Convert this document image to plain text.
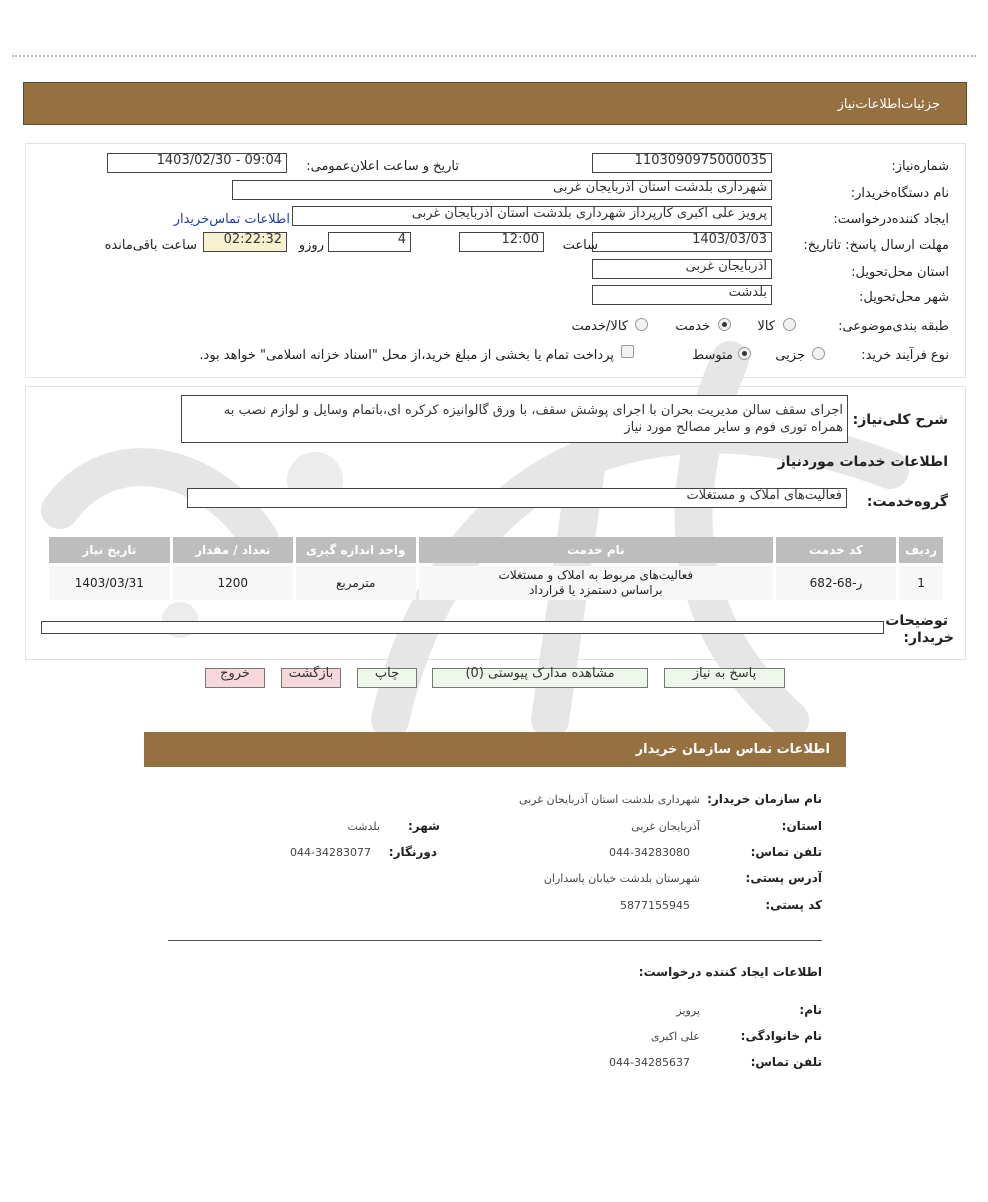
جزئیات‌اطلاعات‌نیاز
شماره‌نیاز:
1103090975000035
تاریخ و ساعت اعلان‌عمومی:
1403/02/30 - 09:04
نام دستگاه‌خریدار:
شهرداری بلدشت استان آذربایجان غربی
ایجاد کننده‌درخواست:
پرویز علی اکبری کارپرداز شهرداری بلدشت استان آذربایجان غربی
اطلاعات تماس‌خریدار
مهلت ارسال پاسخ: تاتاریخ:
1403/03/03
ساعت
12:00
4
روزو
02:22:32
ساعت باقی‌مانده
استان محل‌تحویل:
آذربایجان غربی
شهر محل‌تحویل:
بلدشت
طبقه بندی‌موضوعی:
کالا
خدمت
کالا/خدمت
نوع فرآیند خرید:
جزیی
متوسط
پرداخت تمام یا بخشی از مبلغ خرید،از محل "اسناد خزانه اسلامی" خواهد بود.
شرح کلی‌نیاز:
اجرای سقف سالن مدیریت بحران با اجرای پوشش سقف، با ورق گالوانیزه کرکره ای،باتمام وسایل و لوازم نصب به
همراه توری فوم و سایر مصالح مورد نیاز
اطلاعات خدمات مورد‌نیاز
گروه‌خدمت:
فعالیت‌های املاک و مستغلات
ردیف	کد خدمت	نام خدمت	واحد اندازه گیری	تعداد / مقدار	تاریخ نیاز
1	ر-68-682	فعالیت‌های مربوط به املاک و مستغلات
براساس دستمزد یا قرارداد	مترمربع	1200	1403/03/31
توضیحات
خریدار:
پاسخ به نیاز
مشاهده مدارک پیوستی (0)
چاپ
بازگشت
خروج
اطلاعات تماس سازمان خریدار
نام سازمان خریدار:
شهرداری بلدشت استان آذربایجان غربی
استان:
آذربایجان غربی
شهر:
بلدشت
تلفن تماس:
044-34283080
دورنگار:
044-34283077
آدرس پستی:
شهرستان بلدشت خیابان پاسداران
کد پستی:
5877155945
اطلاعات ایجاد کننده درخواست:
نام:
پرویز
نام خانوادگی:
علی اکبری
تلفن تماس:
044-34285637
